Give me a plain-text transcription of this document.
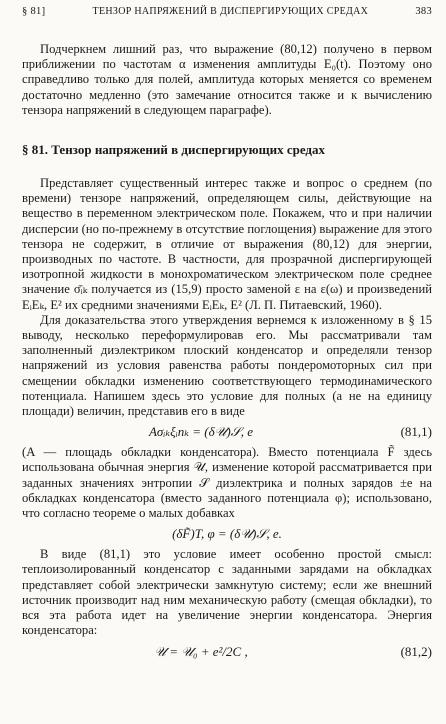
§ 81]	ТЕНЗОР НАПРЯЖЕНИЙ В ДИСПЕРГИРУЮЩИХ СРЕДАХ	383

Подчеркнем лишний раз, что выражение (80,12) получено в первом приближении по частотам α изменения амплитуды E₀(t). Поэтому оно справедливо только для полей, амплитуда которых меняется со временем достаточно медленно (это замечание относится также и к вычислению тензора напряжений в следующем параграфе).

§ 81. Тензор напряжений в диспергирующих средах

Представляет существенный интерес также и вопрос о среднем (по времени) тензоре напряжений, определяющем силы, действующие на вещество в переменном электрическом поле. Покажем, что и при наличии дисперсии (но по-прежнему в отсутствие поглощения) выражение для этого тензора не содержит, в отличие от выражения (80,12) для энергии, производных по частоте. В частности, для прозрачной диспергирующей изотропной жидкости в монохроматическом электрическом поле среднее значение σ̄ᵢₖ получается из (15,9) просто заменой ε на ε(ω) и произведений EᵢEₖ, E² их средними значениями EᵢEₖ, E² (Л. П. Питаевский, 1960).

Для доказательства этого утверждения вернемся к изложенному в § 15 выводу, несколько переформулировав его. Мы рассматривали там заполненный диэлектриком плоский конденсатор и определяли тензор напряжений из условия равенства работы пондеромоторных сил при смещении обкладки изменению соответствующего термодинамического потенциала. Напишем здесь это условие для полных (а не на единицу площади) величин, представив его в виде

Aσᵢₖξᵢnₖ = (δ𝒰)𝒮, e	(81,1)

(A — площадь обкладки конденсатора). Вместо потенциала F̃ здесь использована обычная энергия 𝒰, изменение которой рассматривается при заданных значениях энтропии 𝒮 диэлектрика и полных зарядов ±e на обкладках конденсатора (вместо заданного потенциала φ); использовано, что согласно теореме о малых добавках

(δF̃)T, φ = (δ𝒰)𝒮, e.

В виде (81,1) это условие имеет особенно простой смысл: теплоизолированный конденсатор с заданными зарядами на обкладках представляет собой электрически замкнутую систему; если же внешний источник производит над ним механическую работу (смещая обкладки), то вся эта работа идет на увеличение энергии конденсатора. Энергия конденсатора:

𝒰 = 𝒰₀ + e²/2C ,	(81,2)
